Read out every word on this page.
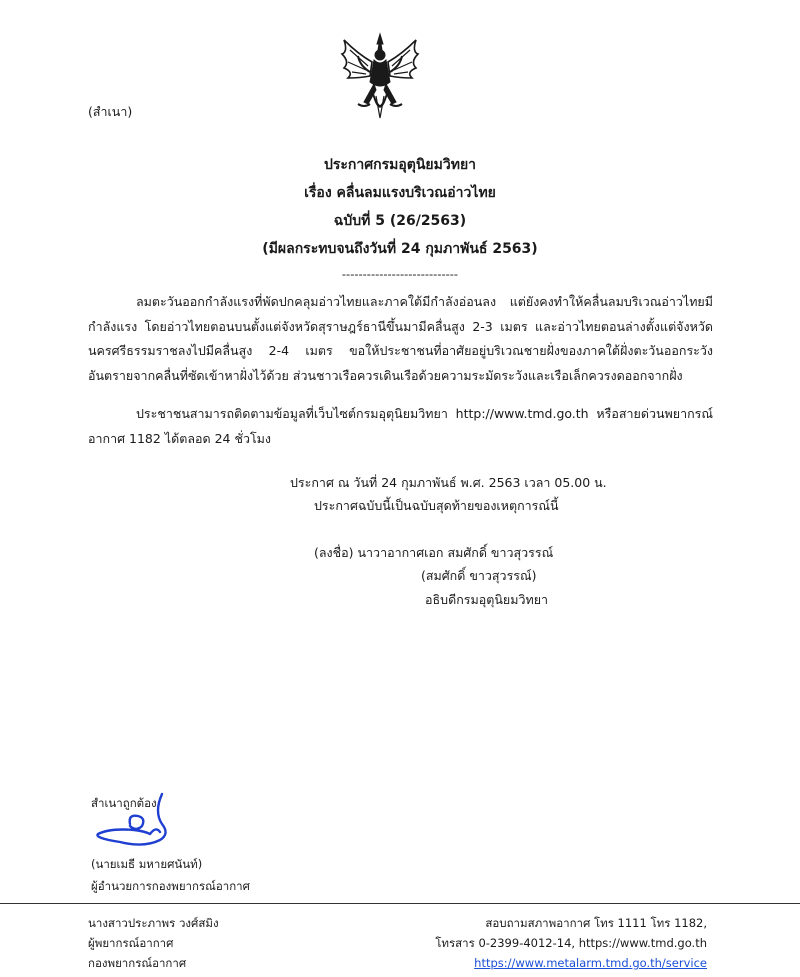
(สำเนา)
ประกาศกรมอุตุนิยมวิทยา
เรื่อง คลื่นลมแรงบริเวณอ่าวไทย
ฉบับที่ 5 (26/2563)
(มีผลกระทบจนถึงวันที่ 24 กุมภาพันธ์ 2563)
----------------------------
ลมตะวันออกกำลังแรงที่พัดปกคลุมอ่าวไทยและภาคใต้มีกำลังอ่อนลง แต่ยังคงทำให้คลื่นลมบริเวณอ่าวไทยมีกำลังแรง โดยอ่าวไทยตอนบนตั้งแต่จังหวัดสุราษฎร์ธานีขึ้นมามีคลื่นสูง 2-3 เมตร และอ่าวไทยตอนล่างตั้งแต่จังหวัดนครศรีธรรมราชลงไปมีคลื่นสูง 2-4 เมตร ขอให้ประชาชนที่อาศัยอยู่บริเวณชายฝั่งของภาคใต้ฝั่งตะวันออกระวังอันตรายจากคลื่นที่ซัดเข้าหาฝั่งไว้ด้วย ส่วนชาวเรือควรเดินเรือด้วยความระมัดระวังและเรือเล็กควรงดออกจากฝั่ง
ประชาชนสามารถติดตามข้อมูลที่เว็บไซต์กรมอุตุนิยมวิทยา http://www.tmd.go.th หรือสายด่วนพยากรณ์อากาศ 1182 ได้ตลอด 24 ชั่วโมง
ประกาศ ณ วันที่ 24 กุมภาพันธ์ พ.ศ. 2563 เวลา 05.00 น.
ประกาศฉบับนี้เป็นฉบับสุดท้ายของเหตุการณ์นี้
(ลงชื่อ) นาวาอากาศเอก สมศักดิ์ ขาวสุวรรณ์
(สมศักดิ์ ขาวสุวรรณ์)
อธิบดีกรมอุตุนิยมวิทยา
สำเนาถูกต้อง
(นายเมธี มหายศนันท์)
ผู้อำนวยการกองพยากรณ์อากาศ
นางสาวประภาพร วงศ์สมิง
ผู้พยากรณ์อากาศ
กองพยากรณ์อากาศ
สอบถามสภาพอากาศ โทร 1111 โทร 1182,
โทรสาร 0-2399-4012-14, https://www.tmd.go.th
https://www.metalarm.tmd.go.th/service
